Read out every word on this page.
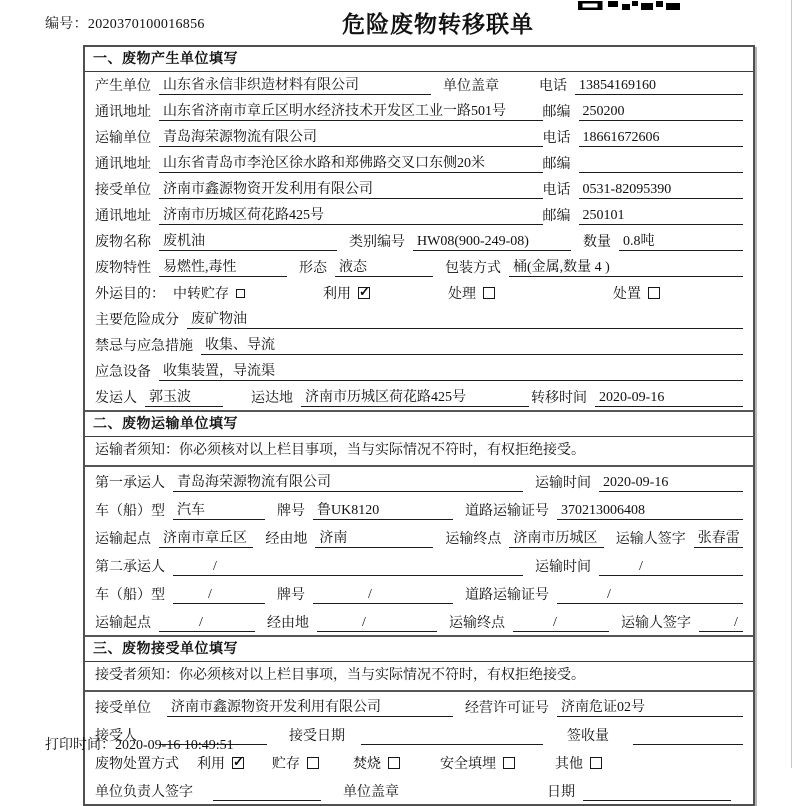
编号：2020370100016856	危险废物转移联单
一、废物产生单位填写
产生单位 山东省永信非织造材料有限公司	单位盖章	电话 13854169160
通讯地址 山东省济南市章丘区明水经济技术开发区工业一路501号	邮编 250200
运输单位 青岛海荣源物流有限公司	电话 18661672606
通讯地址 山东省青岛市李沧区徐水路和郑佛路交叉口东侧20米	邮编
接受单位 济南市鑫源物资开发利用有限公司	电话 0531-82095390
通讯地址 济南市历城区荷花路425号	邮编 250101
废物名称 废机油	类别编号 HW08(900-249-08)	数量 0.8吨
废物特性 易燃性,毒性	形态 液态	包装方式 桶(金属,数量 4 )
外运目的： 中转贮存	利用 ✓	处理	处置
主要危险成分 废矿物油
禁忌与应急措施 收集、导流
应急设备 收集装置，导流渠
发运人 郭玉波	运达地 济南市历城区荷花路425号	转移时间 2020-09-16
二、废物运输单位填写
运输者须知：你必须核对以上栏目事项，当与实际情况不符时，有权拒绝接受。
第一承运人 青岛海荣源物流有限公司	运输时间 2020-09-16
车（船）型 汽车	牌号 鲁UK8120	道路运输证号 370213006408
运输起点 济南市章丘区	经由地 济南	运输终点 济南市历城区	运输人签字 张春雷
第二承运人	/	运输时间	/
车（船）型	/	牌号	/	道路运输证号	/
运输起点	/	经由地	/	运输终点	/	运输人签字	/
三、废物接受单位填写
接受者须知：你必须核对以上栏目事项，当与实际情况不符时，有权拒绝接受。
接受单位 济南市鑫源物资开发利用有限公司	经营许可证号 济南危证02号
接受人	接受日期	签收量
废物处置方式 利用 ✓	贮存	焚烧	安全填埋	其他
单位负责人签字	单位盖章	日期
打印时间：2020-09-16 10:49:51
